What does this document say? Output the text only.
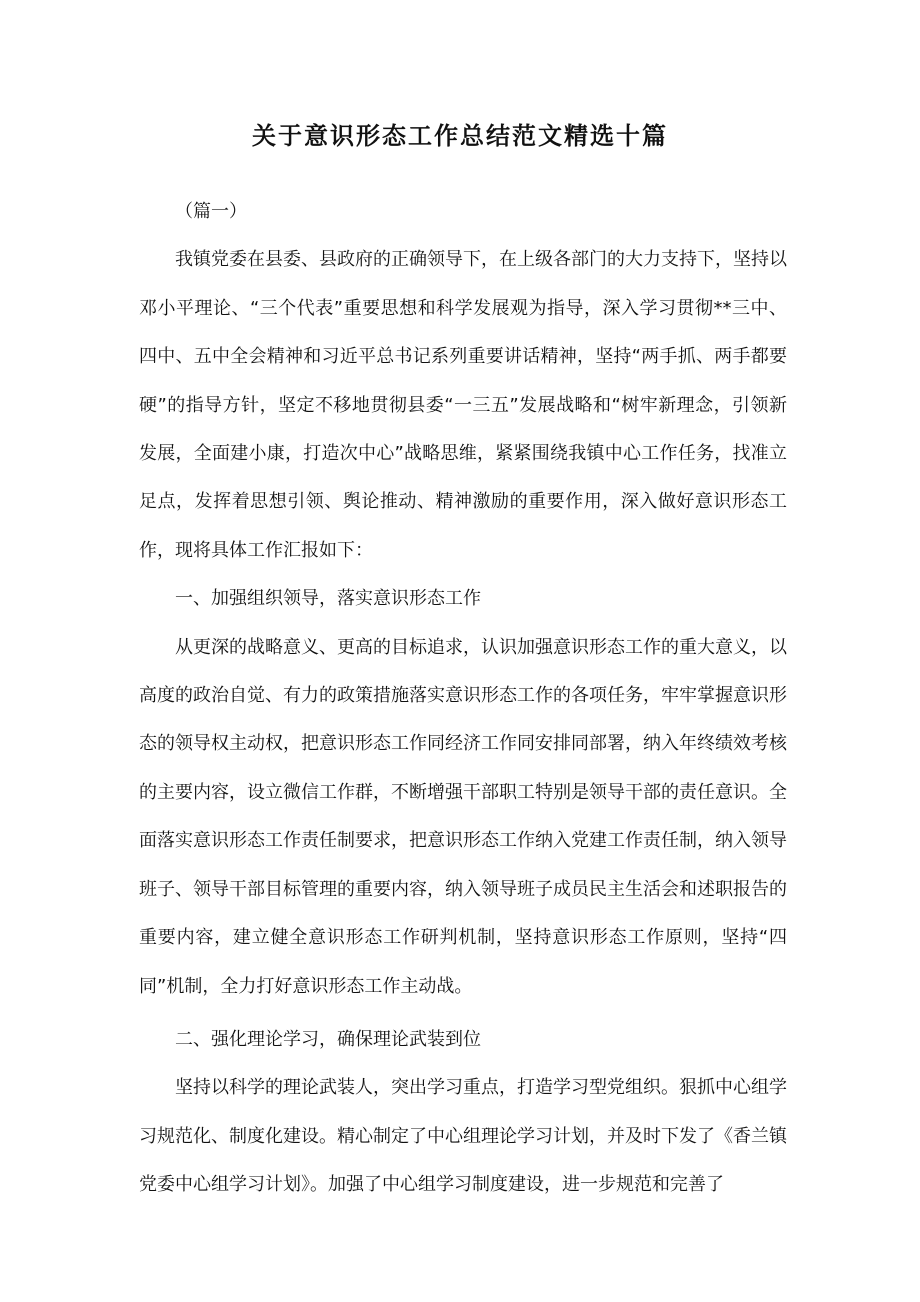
关于意识形态工作总结范文精选十篇

（篇一）

我镇党委在县委、县政府的正确领导下，在上级各部门的大力支持下，坚持以邓小平理论、“三个代表”重要思想和科学发展观为指导，深入学习贯彻**三中、四中、五中全会精神和习近平总书记系列重要讲话精神，坚持“两手抓、两手都要硬”的指导方针，坚定不移地贯彻县委“一三五”发展战略和“树牢新理念，引领新发展，全面建小康，打造次中心”战略思维，紧紧围绕我镇中心工作任务，找准立足点，发挥着思想引领、舆论推动、精神激励的重要作用，深入做好意识形态工作，现将具体工作汇报如下：

一、加强组织领导，落实意识形态工作

从更深的战略意义、更高的目标追求，认识加强意识形态工作的重大意义，以高度的政治自觉、有力的政策措施落实意识形态工作的各项任务，牢牢掌握意识形态的领导权主动权，把意识形态工作同经济工作同安排同部署，纳入年终绩效考核的主要内容，设立微信工作群，不断增强干部职工特别是领导干部的责任意识。全面落实意识形态工作责任制要求，把意识形态工作纳入党建工作责任制，纳入领导班子、领导干部目标管理的重要内容，纳入领导班子成员民主生活会和述职报告的重要内容，建立健全意识形态工作研判机制，坚持意识形态工作原则，坚持“四同”机制，全力打好意识形态工作主动战。

二、强化理论学习，确保理论武装到位

坚持以科学的理论武装人，突出学习重点，打造学习型党组织。狠抓中心组学习规范化、制度化建设。精心制定了中心组理论学习计划，并及时下发了《香兰镇党委中心组学习计划》。加强了中心组学习制度建设，进一步规范和完善了
